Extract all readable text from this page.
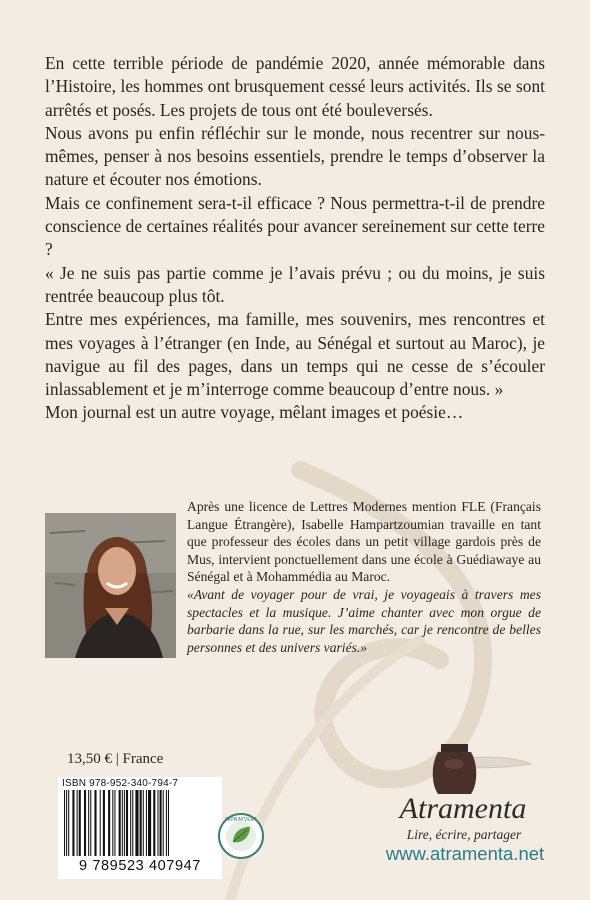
En cette terrible période de pandémie 2020, année mémorable dans l’Histoire, les hommes ont brusquement cessé leurs activités. Ils se sont arrêtés et posés. Les projets de tous ont été bouleversés.

Nous avons pu enfin réfléchir sur le monde, nous recentrer sur nous-mêmes, penser à nos besoins essentiels, prendre le temps d’observer la nature et écouter nos émotions.

Mais ce confinement sera-t-il efficace ? Nous permettra-t-il de prendre conscience de certaines réalités pour avancer sereinement sur cette terre ?

« Je ne suis pas partie comme je l’avais prévu ; ou du moins, je suis rentrée beaucoup plus tôt.

Entre mes expériences, ma famille, mes souvenirs, mes rencontres et mes voyages à l’étranger (en Inde, au Sénégal et surtout au Maroc), je navigue au fil des pages, dans un temps qui ne cesse de s’écouler inlassablement et je m’interroge comme beaucoup d’entre nous. »

Mon journal est un autre voyage, mêlant images et poésie…

Après une licence de Lettres Modernes mention FLE (Français Langue Étrangère), Isabelle Hampartzoumian travaille en tant que professeur des écoles dans un petit village gardois près de Mus, intervient ponctuellement dans une école à Guédiawaye au Sénégal et à Mohammédia au Maroc.

«Avant de voyager pour de vrai, je voyageais à travers mes spectacles et la musique. J’aime chanter avec mon orgue de barbarie dans la rue, sur les marchés, car je rencontre de belles personnes et des univers variés.»

13,50 € | France
ISBN 978-952-340-794-7
9 789523 407947
IMPRIM'VERT	Atramenta
Lire, écrire, partager
www.atramenta.net
